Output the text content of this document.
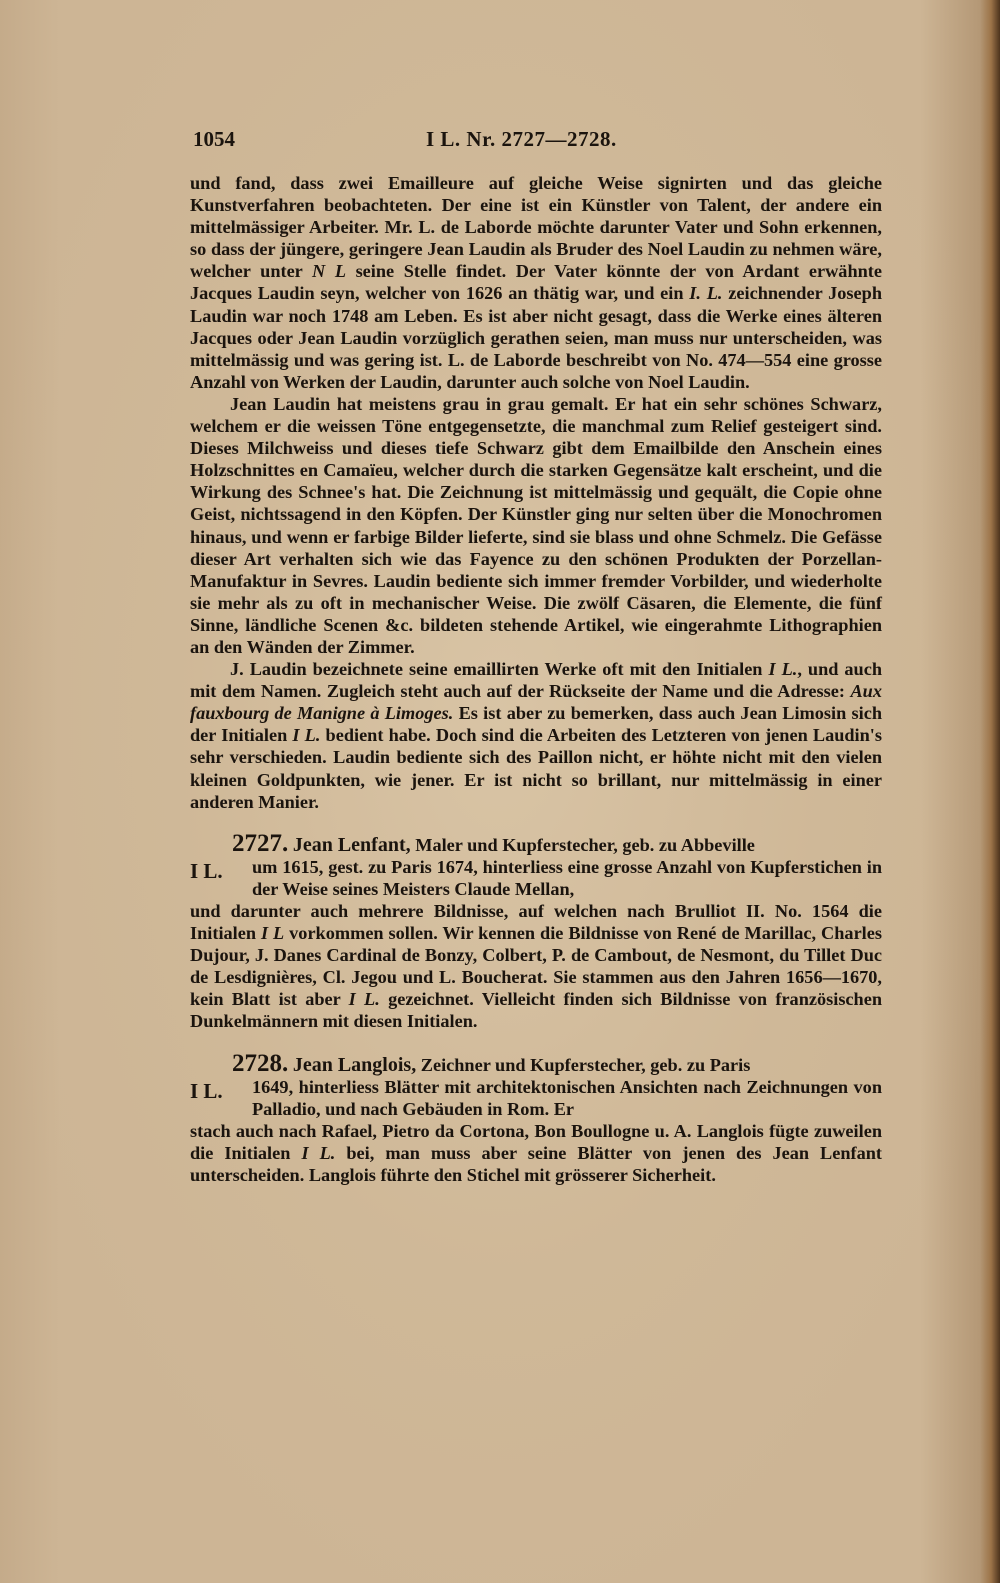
1054	I L. Nr. 2727—2728.

und fand, dass zwei Emailleure auf gleiche Weise signirten und das gleiche Kunstverfahren beobachteten. Der eine ist ein Künstler von Talent, der andere ein mittelmässiger Arbeiter. Mr. L. de Laborde möchte darunter Vater und Sohn erkennen, so dass der jüngere, geringere Jean Laudin als Bruder des Noel Laudin zu nehmen wäre, welcher unter N L seine Stelle findet. Der Vater könnte der von Ardant erwähnte Jacques Laudin seyn, welcher von 1626 an thätig war, und ein I. L. zeichnender Joseph Laudin war noch 1748 am Leben. Es ist aber nicht gesagt, dass die Werke eines älteren Jacques oder Jean Laudin vorzüglich gerathen seien, man muss nur unterscheiden, was mittelmässig und was gering ist. L. de Laborde beschreibt von No. 474—554 eine grosse Anzahl von Werken der Laudin, darunter auch solche von Noel Laudin.

Jean Laudin hat meistens grau in grau gemalt. Er hat ein sehr schönes Schwarz, welchem er die weissen Töne entgegensetzte, die manchmal zum Relief gesteigert sind. Dieses Milchweiss und dieses tiefe Schwarz gibt dem Emailbilde den Anschein eines Holzschnittes en Camaïeu, welcher durch die starken Gegensätze kalt erscheint, und die Wirkung des Schnee's hat. Die Zeichnung ist mittelmässig und gequält, die Copie ohne Geist, nichtssagend in den Köpfen. Der Künstler ging nur selten über die Monochromen hinaus, und wenn er farbige Bilder lieferte, sind sie blass und ohne Schmelz. Die Gefässe dieser Art verhalten sich wie das Fayence zu den schönen Produkten der Porzellan-Manufaktur in Sevres. Laudin bediente sich immer fremder Vorbilder, und wiederholte sie mehr als zu oft in mechanischer Weise. Die zwölf Cäsaren, die Elemente, die fünf Sinne, ländliche Scenen &c. bildeten stehende Artikel, wie eingerahmte Lithographien an den Wänden der Zimmer.

J. Laudin bezeichnete seine emaillirten Werke oft mit den Initialen I L., und auch mit dem Namen. Zugleich steht auch auf der Rückseite der Name und die Adresse: Aux fauxbourg de Manigne à Limoges. Es ist aber zu bemerken, dass auch Jean Limosin sich der Initialen I L. bedient habe. Doch sind die Arbeiten des Letzteren von jenen Laudin's sehr verschieden. Laudin bediente sich des Paillon nicht, er höhte nicht mit den vielen kleinen Goldpunkten, wie jener. Er ist nicht so brillant, nur mittelmässig in einer anderen Manier.

2727. Jean Lenfant, Maler und Kupferstecher, geb. zu Abbeville

I L.	um 1615, gest. zu Paris 1674, hinterliess eine grosse Anzahl von Kupferstichen in der Weise seines Meisters Claude Mellan,

und darunter auch mehrere Bildnisse, auf welchen nach Brulliot II. No. 1564 die Initialen I L vorkommen sollen. Wir kennen die Bildnisse von René de Marillac, Charles Dujour, J. Danes Cardinal de Bonzy, Colbert, P. de Cambout, de Nesmont, du Tillet Duc de Lesdignières, Cl. Jegou und L. Boucherat. Sie stammen aus den Jahren 1656—1670, kein Blatt ist aber I L. gezeichnet. Vielleicht finden sich Bildnisse von französischen Dunkelmännern mit diesen Initialen.

2728. Jean Langlois, Zeichner und Kupferstecher, geb. zu Paris

I L.	1649, hinterliess Blätter mit architektonischen Ansichten nach Zeichnungen von Palladio, und nach Gebäuden in Rom. Er

stach auch nach Rafael, Pietro da Cortona, Bon Boullogne u. A. Langlois fügte zuweilen die Initialen I L. bei, man muss aber seine Blätter von jenen des Jean Lenfant unterscheiden. Langlois führte den Stichel mit grösserer Sicherheit.
